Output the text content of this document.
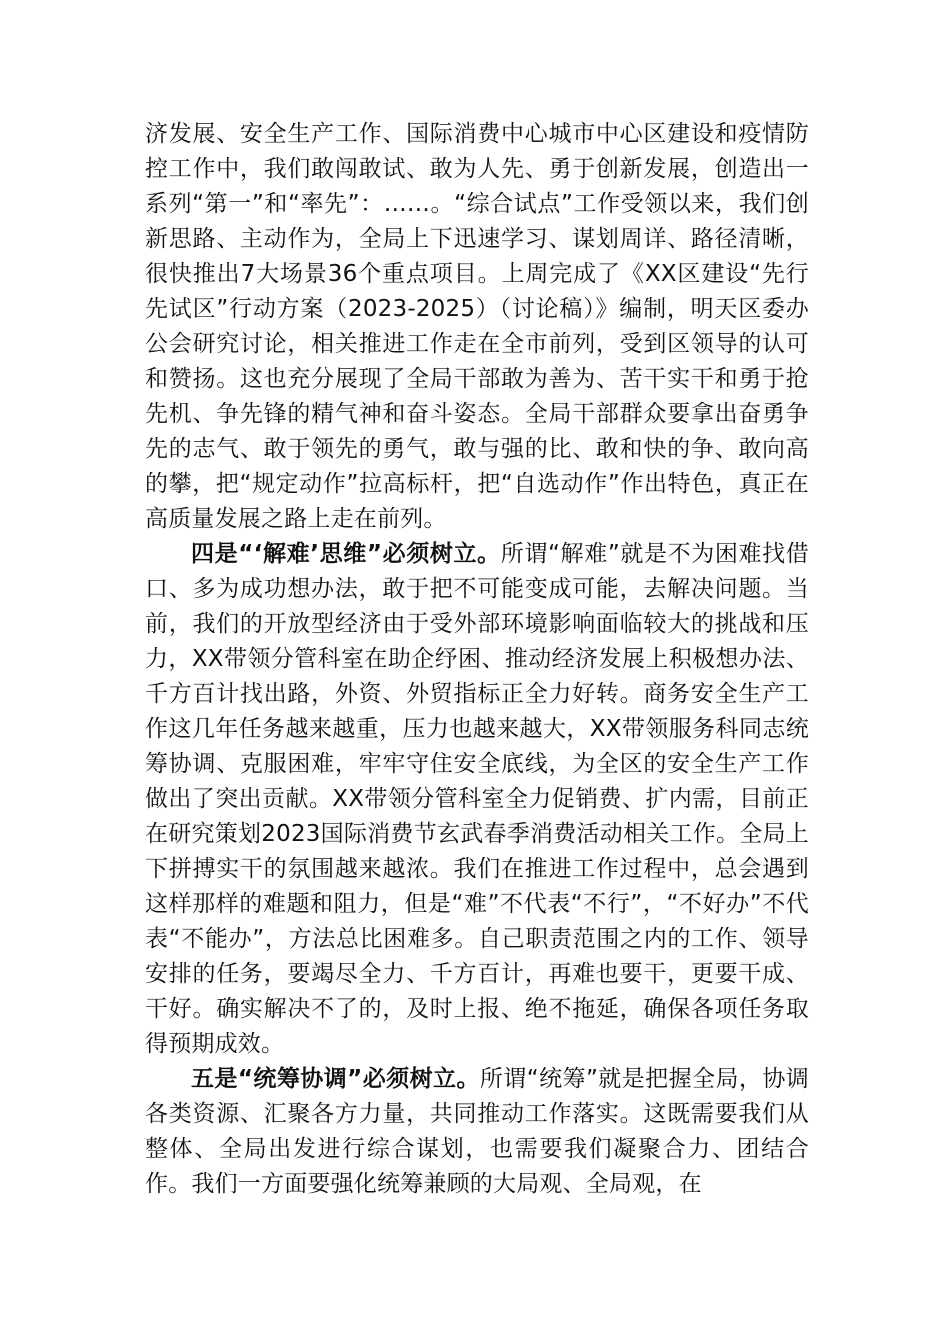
济发展、安全生产工作、国际消费中心城市中心区建设和疫情防控工作中，我们敢闯敢试、敢为人先、勇于创新发展，创造出一系列“第一”和“率先”：……。“综合试点”工作受领以来，我们创新思路、主动作为，全局上下迅速学习、谋划周详、路径清晰，很快推出7大场景36个重点项目。上周完成了《XX区建设“先行先试区”行动方案（2023-2025）（讨论稿）》编制，明天区委办公会研究讨论，相关推进工作走在全市前列，受到区领导的认可和赞扬。这也充分展现了全局干部敢为善为、苦干实干和勇于抢先机、争先锋的精气神和奋斗姿态。全局干部群众要拿出奋勇争先的志气、敢于领先的勇气，敢与强的比、敢和快的争、敢向高的攀，把“规定动作”拉高标杆，把“自选动作”作出特色，真正在高质量发展之路上走在前列。

四是“‘解难’思维”必须树立。所谓“解难”就是不为困难找借口、多为成功想办法，敢于把不可能变成可能，去解决问题。当前，我们的开放型经济由于受外部环境影响面临较大的挑战和压力，XX带领分管科室在助企纾困、推动经济发展上积极想办法、千方百计找出路，外资、外贸指标正全力好转。商务安全生产工作这几年任务越来越重，压力也越来越大，XX带领服务科同志统筹协调、克服困难，牢牢守住安全底线，为全区的安全生产工作做出了突出贡献。XX带领分管科室全力促销费、扩内需，目前正在研究策划2023国际消费节玄武春季消费活动相关工作。全局上下拼搏实干的氛围越来越浓。我们在推进工作过程中，总会遇到这样那样的难题和阻力，但是“难”不代表“不行”，“不好办”不代表“不能办”，方法总比困难多。自己职责范围之内的工作、领导安排的任务，要竭尽全力、千方百计，再难也要干，更要干成、干好。确实解决不了的，及时上报、绝不拖延，确保各项任务取得预期成效。

五是“统筹协调”必须树立。所谓“统筹”就是把握全局，协调各类资源、汇聚各方力量，共同推动工作落实。这既需要我们从整体、全局出发进行综合谋划，也需要我们凝聚合力、团结合作。我们一方面要强化统筹兼顾的大局观、全局观，在
